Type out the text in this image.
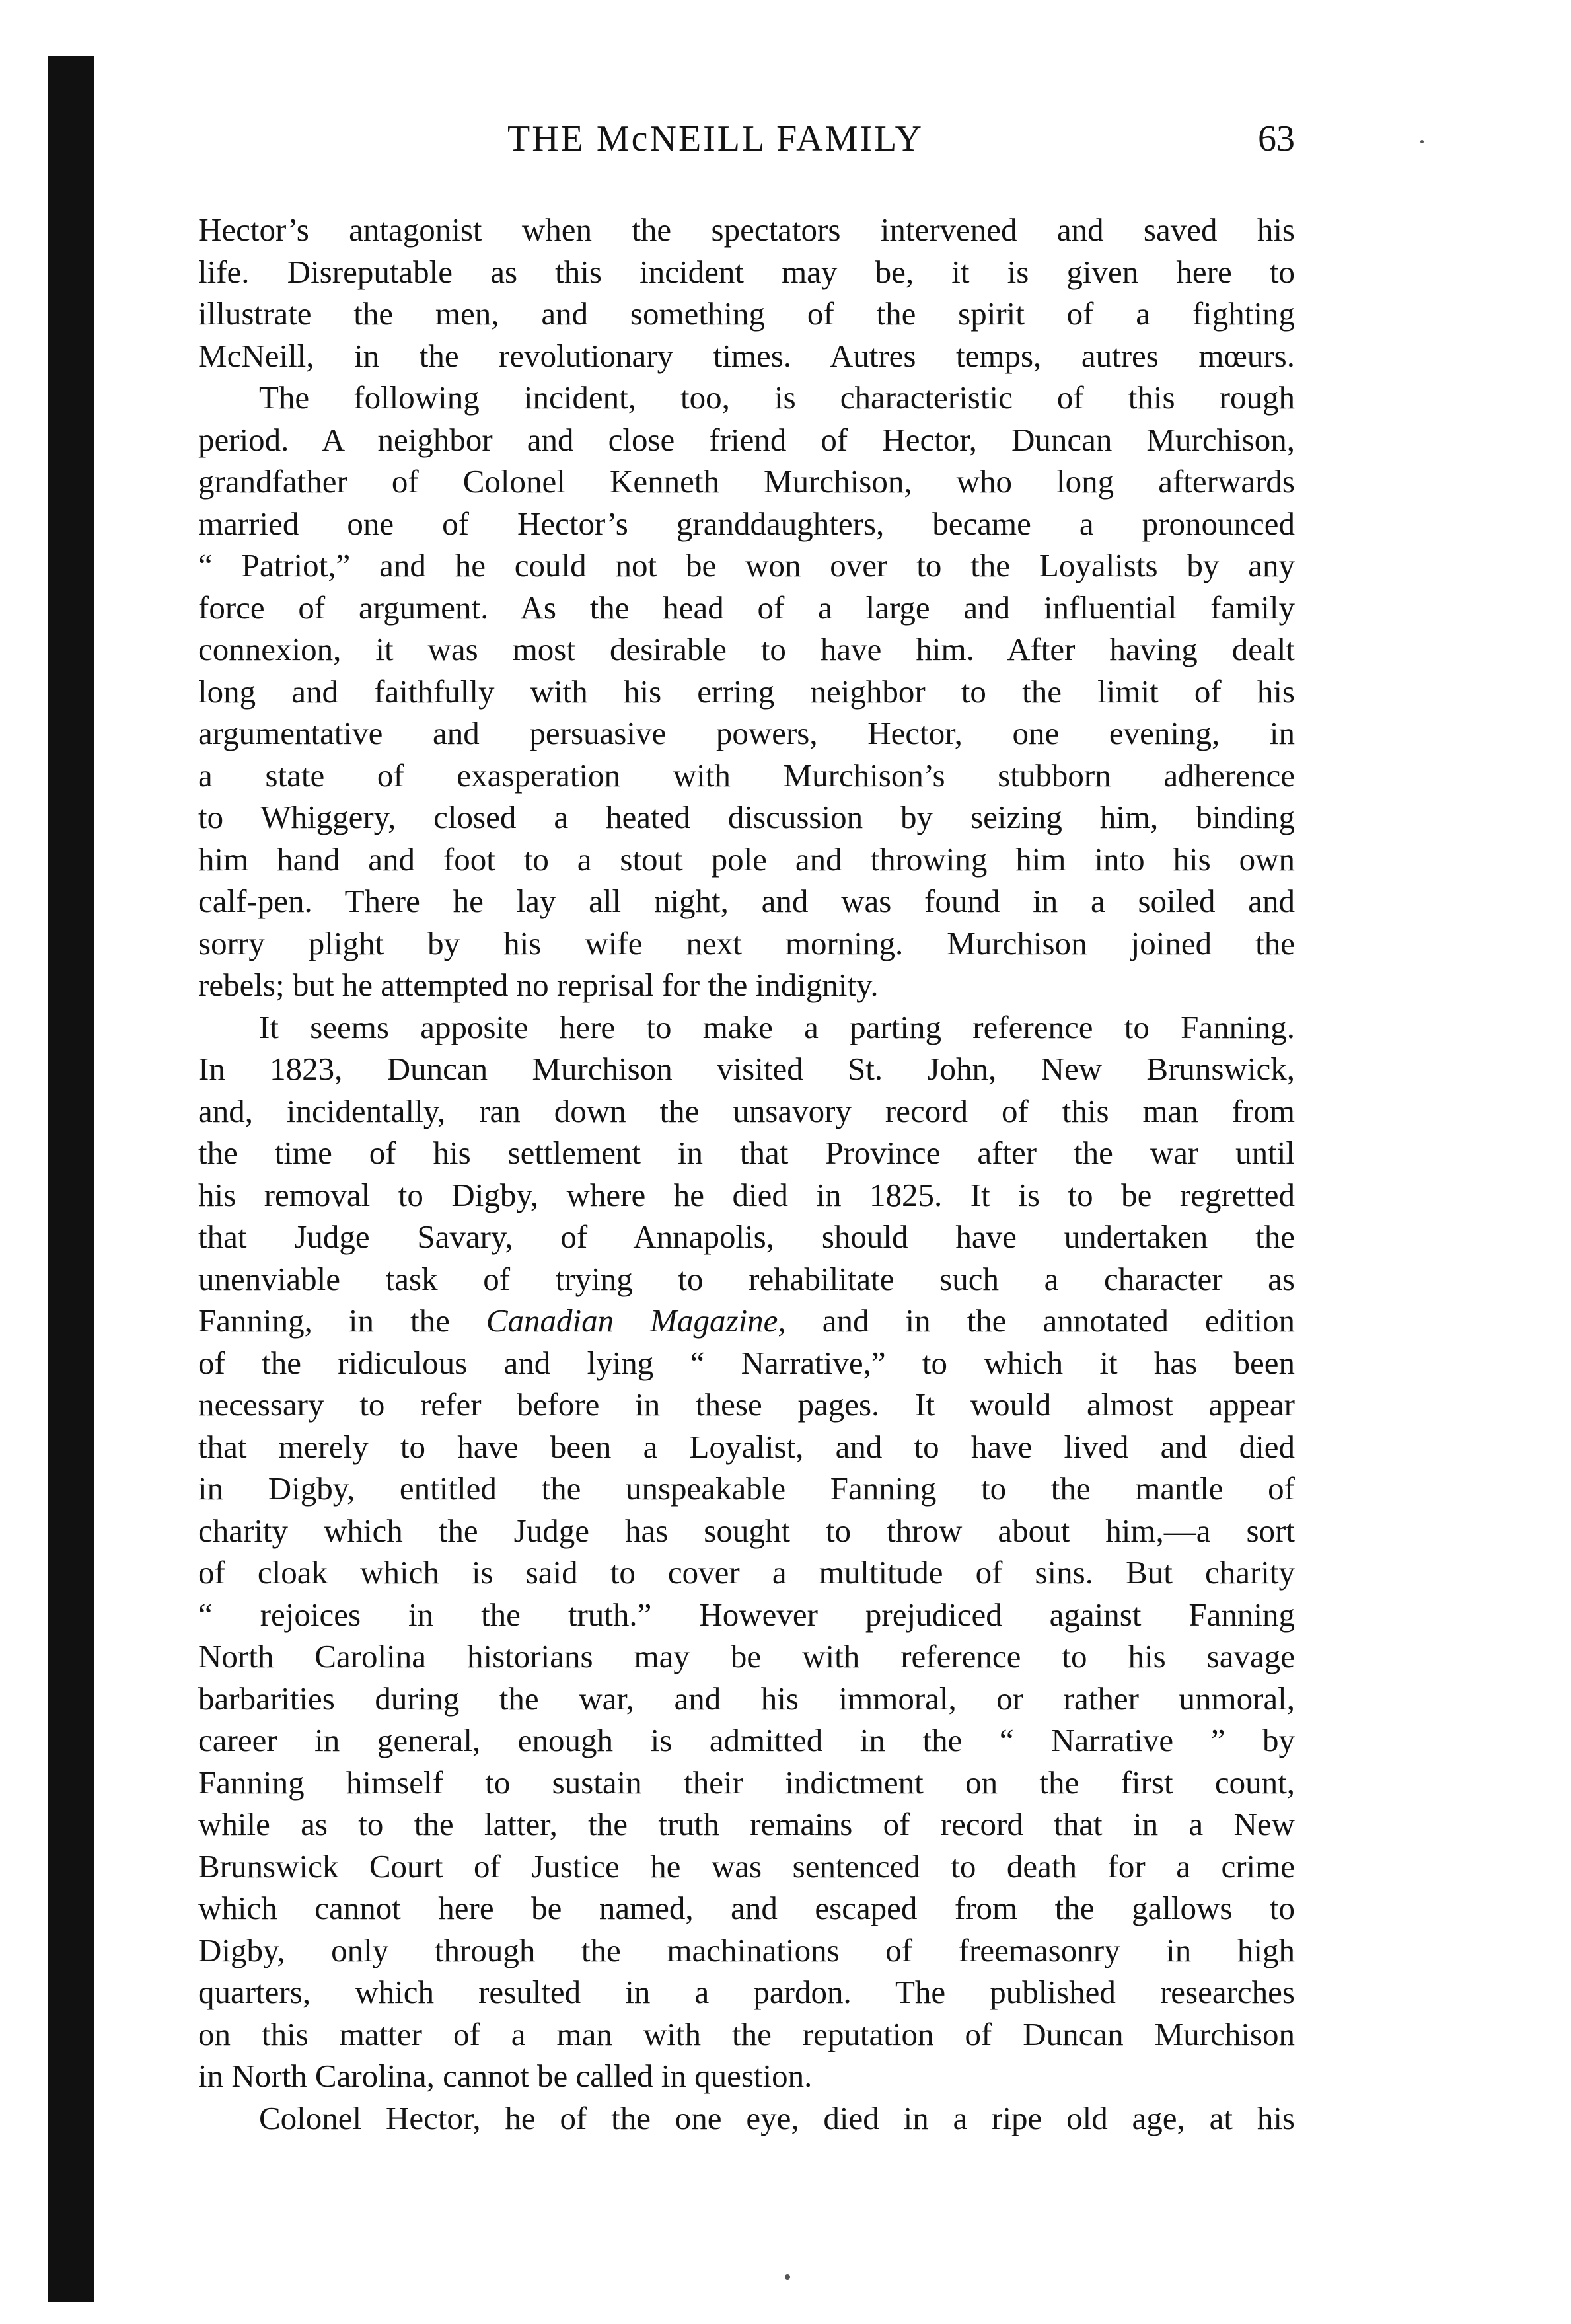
THE McNEILL FAMILY	63
Hector’s antagonist when the spectators intervened and saved his
life. Disreputable as this incident may be, it is given here to
illustrate the men, and something of the spirit of a fighting
McNeill, in the revolutionary times. Autres temps, autres mœurs.
The following incident, too, is characteristic of this rough
period. A neighbor and close friend of Hector, Duncan Murchison,
grandfather of Colonel Kenneth Murchison, who long afterwards
married one of Hector’s granddaughters, became a pronounced
“ Patriot,” and he could not be won over to the Loyalists by any
force of argument. As the head of a large and influential family
connexion, it was most desirable to have him. After having dealt
long and faithfully with his erring neighbor to the limit of his
argumentative and persuasive powers, Hector, one evening, in
a state of exasperation with Murchison’s stubborn adherence
to Whiggery, closed a heated discussion by seizing him, binding
him hand and foot to a stout pole and throwing him into his own
calf-pen. There he lay all night, and was found in a soiled and
sorry plight by his wife next morning. Murchison joined the
rebels; but he attempted no reprisal for the indignity.
It seems apposite here to make a parting reference to Fanning.
In 1823, Duncan Murchison visited St. John, New Brunswick,
and, incidentally, ran down the unsavory record of this man from
the time of his settlement in that Province after the war until
his removal to Digby, where he died in 1825. It is to be regretted
that Judge Savary, of Annapolis, should have undertaken the
unenviable task of trying to rehabilitate such a character as
Fanning, in the Canadian Magazine, and in the annotated edition
of the ridiculous and lying “ Narrative,” to which it has been
necessary to refer before in these pages. It would almost appear
that merely to have been a Loyalist, and to have lived and died
in Digby, entitled the unspeakable Fanning to the mantle of
charity which the Judge has sought to throw about him,—a sort
of cloak which is said to cover a multitude of sins. But charity
“ rejoices in the truth.” However prejudiced against Fanning
North Carolina historians may be with reference to his savage
barbarities during the war, and his immoral, or rather unmoral,
career in general, enough is admitted in the “ Narrative ” by
Fanning himself to sustain their indictment on the first count,
while as to the latter, the truth remains of record that in a New
Brunswick Court of Justice he was sentenced to death for a crime
which cannot here be named, and escaped from the gallows to
Digby, only through the machinations of freemasonry in high
quarters, which resulted in a pardon. The published researches
on this matter of a man with the reputation of Duncan Murchison
in North Carolina, cannot be called in question.
Colonel Hector, he of the one eye, died in a ripe old age, at his
